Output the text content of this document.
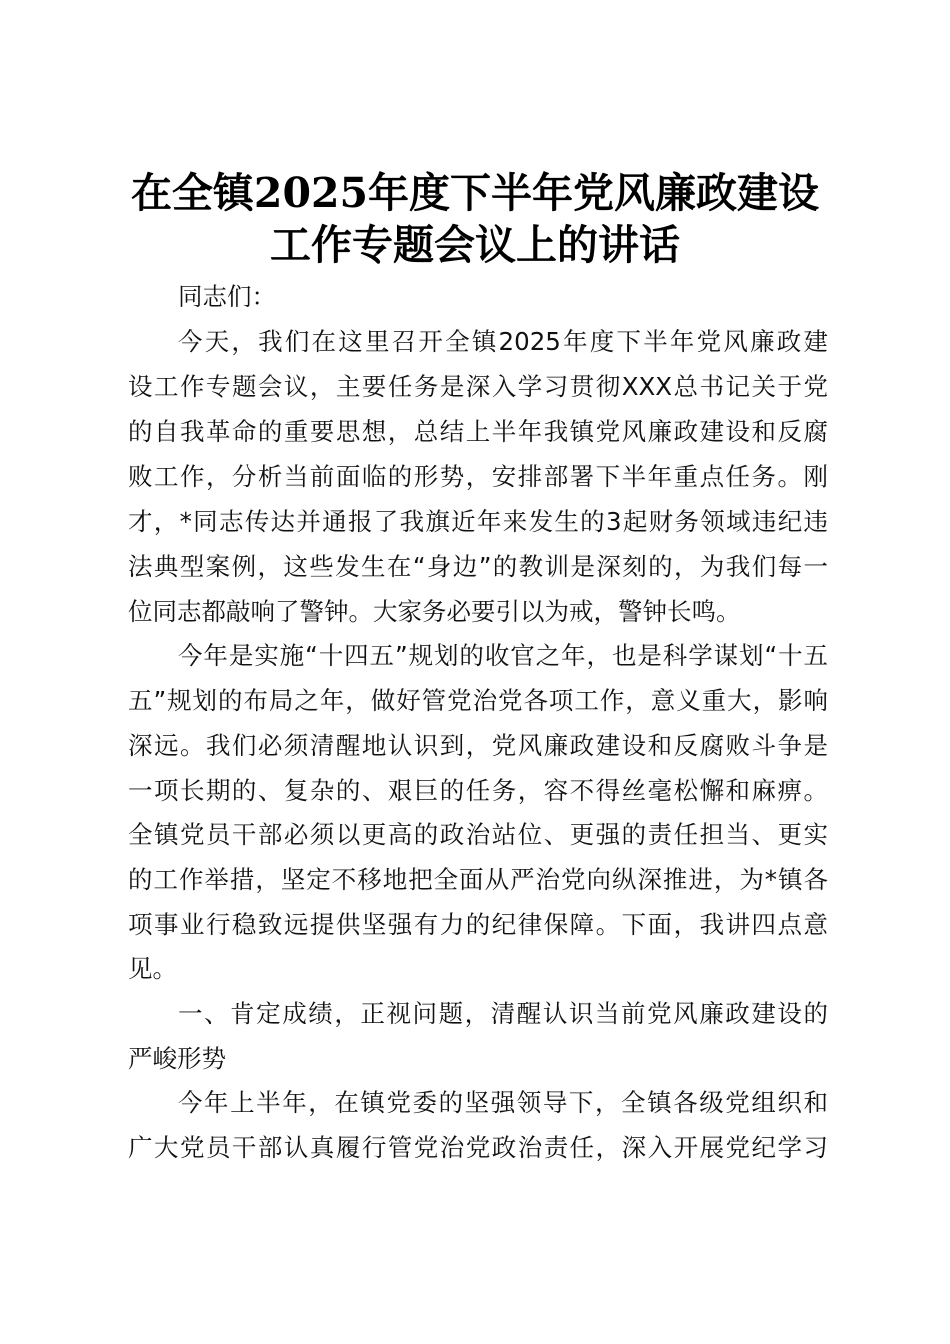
在全镇2025年度下半年党风廉政建设
工作专题会议上的讲话
同志们：
今天，我们在这里召开全镇2025年度下半年党风廉政建
设工作专题会议，主要任务是深入学习贯彻XXX总书记关于党
的自我革命的重要思想，总结上半年我镇党风廉政建设和反腐
败工作，分析当前面临的形势，安排部署下半年重点任务。刚
才，*同志传达并通报了我旗近年来发生的3起财务领域违纪违
法典型案例，这些发生在“身边”的教训是深刻的，为我们每一
位同志都敲响了警钟。大家务必要引以为戒，警钟长鸣。
今年是实施“十四五”规划的收官之年，也是科学谋划“十五
五”规划的布局之年，做好管党治党各项工作，意义重大，影响
深远。我们必须清醒地认识到，党风廉政建设和反腐败斗争是
一项长期的、复杂的、艰巨的任务，容不得丝毫松懈和麻痹。
全镇党员干部必须以更高的政治站位、更强的责任担当、更实
的工作举措，坚定不移地把全面从严治党向纵深推进，为*镇各
项事业行稳致远提供坚强有力的纪律保障。下面，我讲四点意
见。
一、肯定成绩，正视问题，清醒认识当前党风廉政建设的
严峻形势
今年上半年，在镇党委的坚强领导下，全镇各级党组织和
广大党员干部认真履行管党治党政治责任，深入开展党纪学习
